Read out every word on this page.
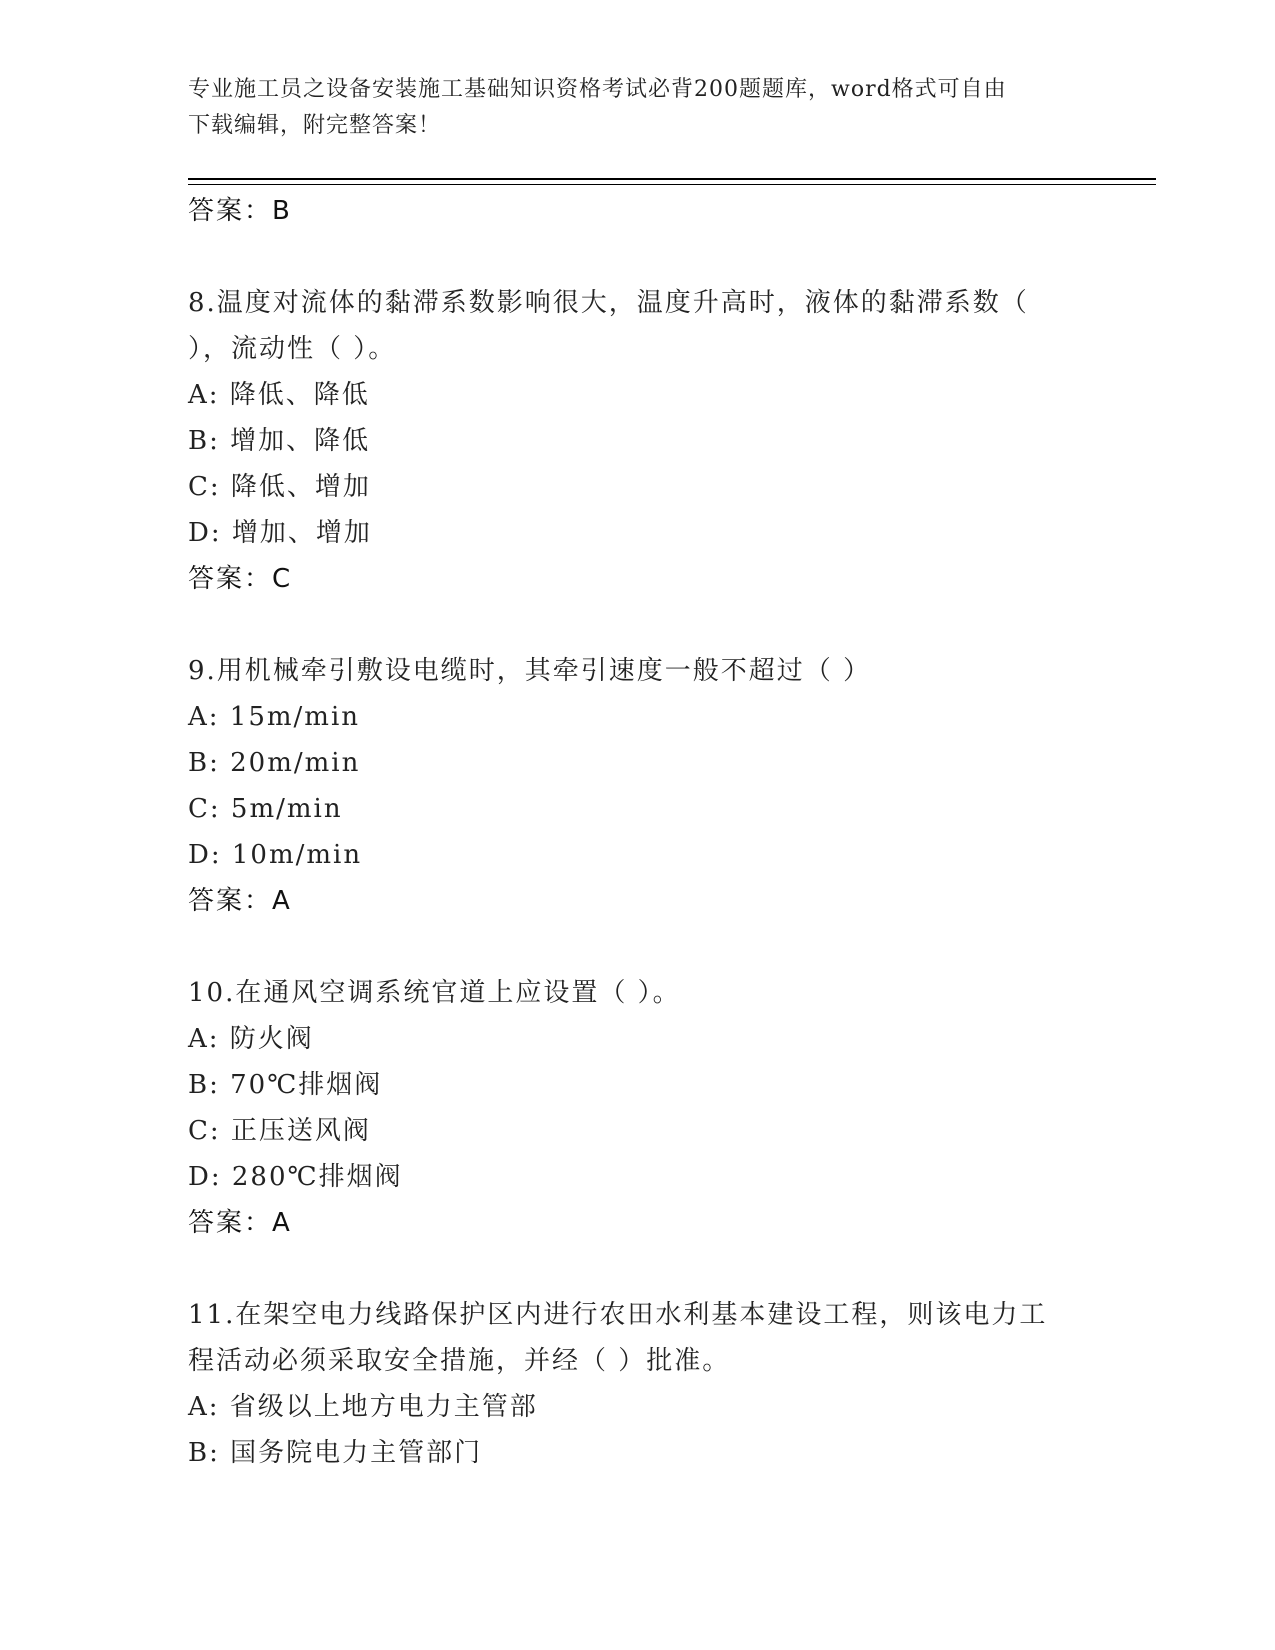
专业施工员之设备安装施工基础知识资格考试必背200题题库，word格式可自由
下载编辑，附完整答案！
答案：B
8.温度对流体的黏滞系数影响很大，温度升高时，液体的黏滞系数（
），流动性（ ）。
A: 降低、降低
B: 增加、降低
C: 降低、增加
D: 增加、增加
答案：C
9.用机械牵引敷设电缆时，其牵引速度一般不超过（ ）
A: 15m/min
B: 20m/min
C: 5m/min
D: 10m/min
答案：A
10.在通风空调系统官道上应设置（ ）。
A: 防火阀
B: 70℃排烟阀
C: 正压送风阀
D: 280℃排烟阀
答案：A
11.在架空电力线路保护区内进行农田水利基本建设工程，则该电力工
程活动必须采取安全措施，并经（ ）批准。
A: 省级以上地方电力主管部
B: 国务院电力主管部门
